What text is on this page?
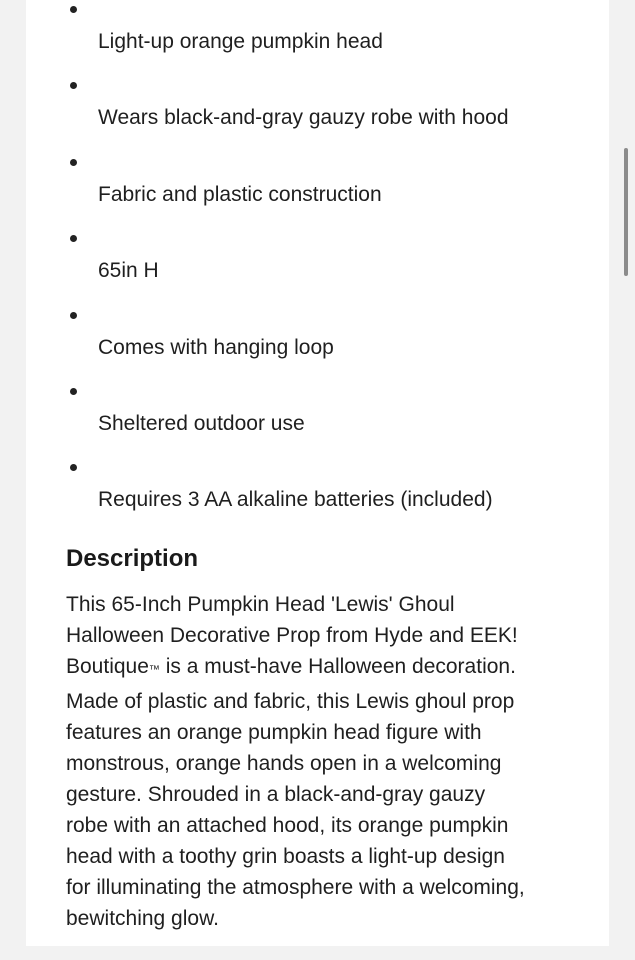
Light-up orange pumpkin head
Wears black-and-gray gauzy robe with hood
Fabric and plastic construction
65in H
Comes with hanging loop
Sheltered outdoor use
Requires 3 AA alkaline batteries (included)
Description

This 65-Inch Pumpkin Head 'Lewis' Ghoul
Halloween Decorative Prop from Hyde and EEK!
Boutique™ is a must-have Halloween decoration.
Made of plastic and fabric, this Lewis ghoul prop
features an orange pumpkin head figure with
monstrous, orange hands open in a welcoming
gesture. Shrouded in a black-and-gray gauzy
robe with an attached hood, its orange pumpkin
head with a toothy grin boasts a light-up design
for illuminating the atmosphere with a welcoming,
bewitching glow.
